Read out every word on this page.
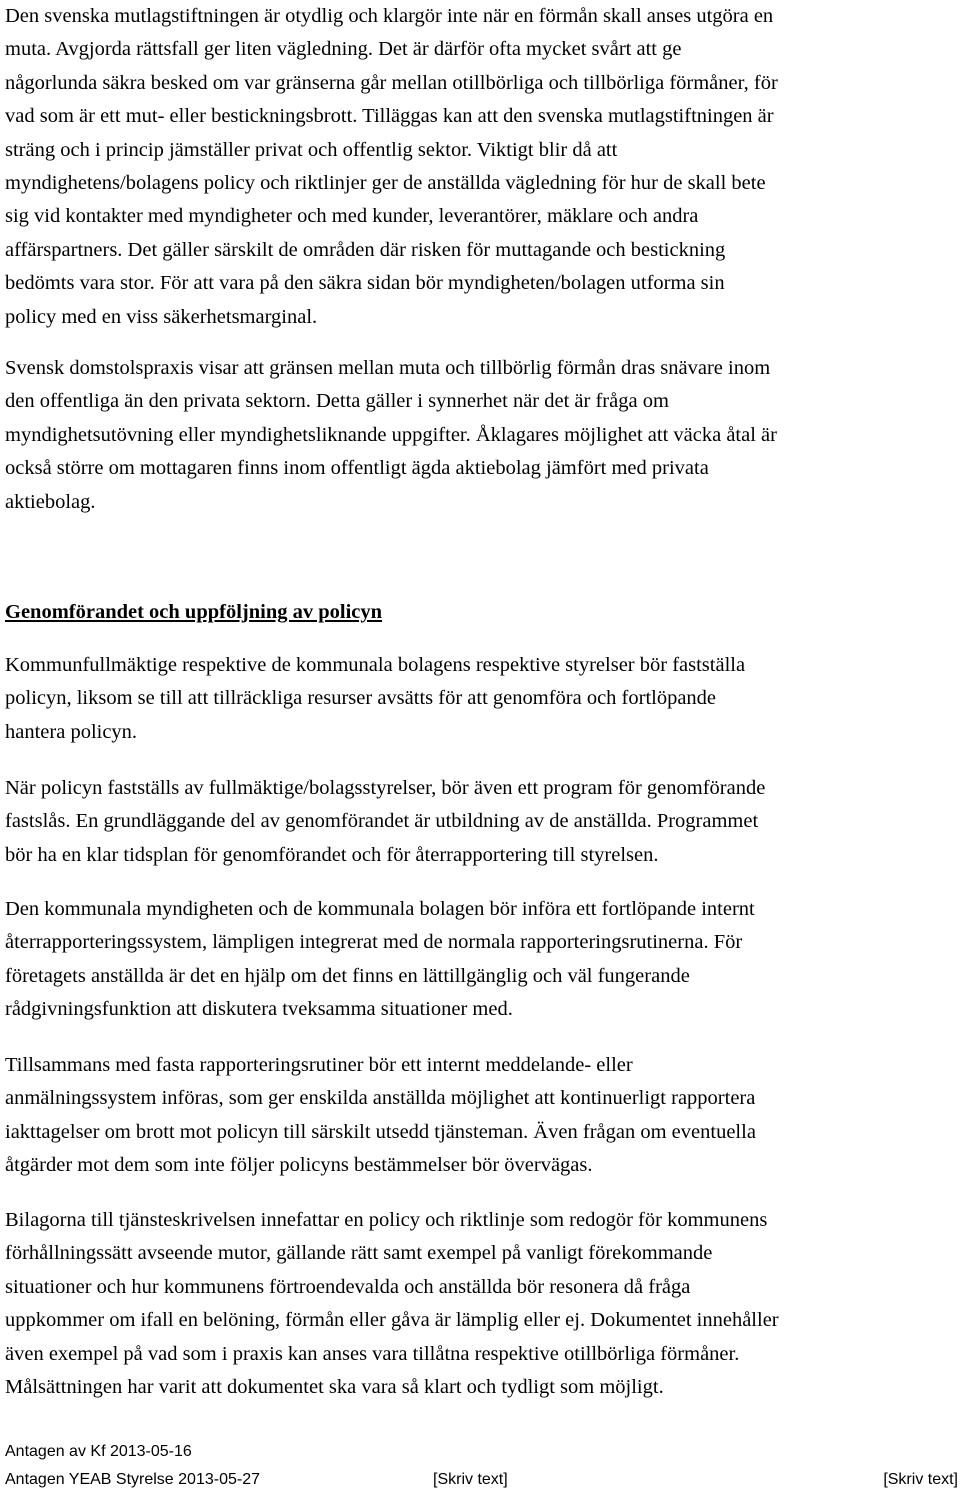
Den svenska mutlagstiftningen är otydlig och klargör inte när en förmån skall anses utgöra en
muta. Avgjorda rättsfall ger liten vägledning. Det är därför ofta mycket svårt att ge
någorlunda säkra besked om var gränserna går mellan otillbörliga och tillbörliga förmåner, för
vad som är ett mut- eller bestickningsbrott. Tilläggas kan att den svenska mutlagstiftningen är
sträng och i princip jämställer privat och offentlig sektor. Viktigt blir då att
myndighetens/bolagens policy och riktlinjer ger de anställda vägledning för hur de skall bete
sig vid kontakter med myndigheter och med kunder, leverantörer, mäklare och andra
affärspartners. Det gäller särskilt de områden där risken för muttagande och bestickning
bedömts vara stor. För att vara på den säkra sidan bör myndigheten/bolagen utforma sin
policy med en viss säkerhetsmarginal.

Svensk domstolspraxis visar att gränsen mellan muta och tillbörlig förmån dras snävare inom
den offentliga än den privata sektorn. Detta gäller i synnerhet när det är fråga om
myndighetsutövning eller myndighetsliknande uppgifter. Åklagares möjlighet att väcka åtal är
också större om mottagaren finns inom offentligt ägda aktiebolag jämfört med privata
aktiebolag.

Genomförandet och uppföljning av policyn

Kommunfullmäktige respektive de kommunala bolagens respektive styrelser bör fastställa
policyn, liksom se till att tillräckliga resurser avsätts för att genomföra och fortlöpande
hantera policyn.

När policyn fastställs av fullmäktige/bolagsstyrelser, bör även ett program för genomförande
fastslås. En grundläggande del av genomförandet är utbildning av de anställda. Programmet
bör ha en klar tidsplan för genomförandet och för återrapportering till styrelsen.

Den kommunala myndigheten och de kommunala bolagen bör införa ett fortlöpande internt
återrapporteringssystem, lämpligen integrerat med de normala rapporteringsrutinerna. För
företagets anställda är det en hjälp om det finns en lättillgänglig och väl fungerande
rådgivningsfunktion att diskutera tveksamma situationer med.

Tillsammans med fasta rapporteringsrutiner bör ett internt meddelande- eller
anmälningssystem införas, som ger enskilda anställda möjlighet att kontinuerligt rapportera
iakttagelser om brott mot policyn till särskilt utsedd tjänsteman. Även frågan om eventuella
åtgärder mot dem som inte följer policyns bestämmelser bör övervägas.

Bilagorna till tjänsteskrivelsen innefattar en policy och riktlinje som redogör för kommunens
förhållningssätt avseende mutor, gällande rätt samt exempel på vanligt förekommande
situationer och hur kommunens förtroendevalda och anställda bör resonera då fråga
uppkommer om ifall en belöning, förmån eller gåva är lämplig eller ej. Dokumentet innehåller
även exempel på vad som i praxis kan anses vara tillåtna respektive otillbörliga förmåner.
Målsättningen har varit att dokumentet ska vara så klart och tydligt som möjligt.

Antagen av Kf 2013-05-16
Antagen YEAB Styrelse 2013-05-27	[Skriv text]	[Skriv text]
